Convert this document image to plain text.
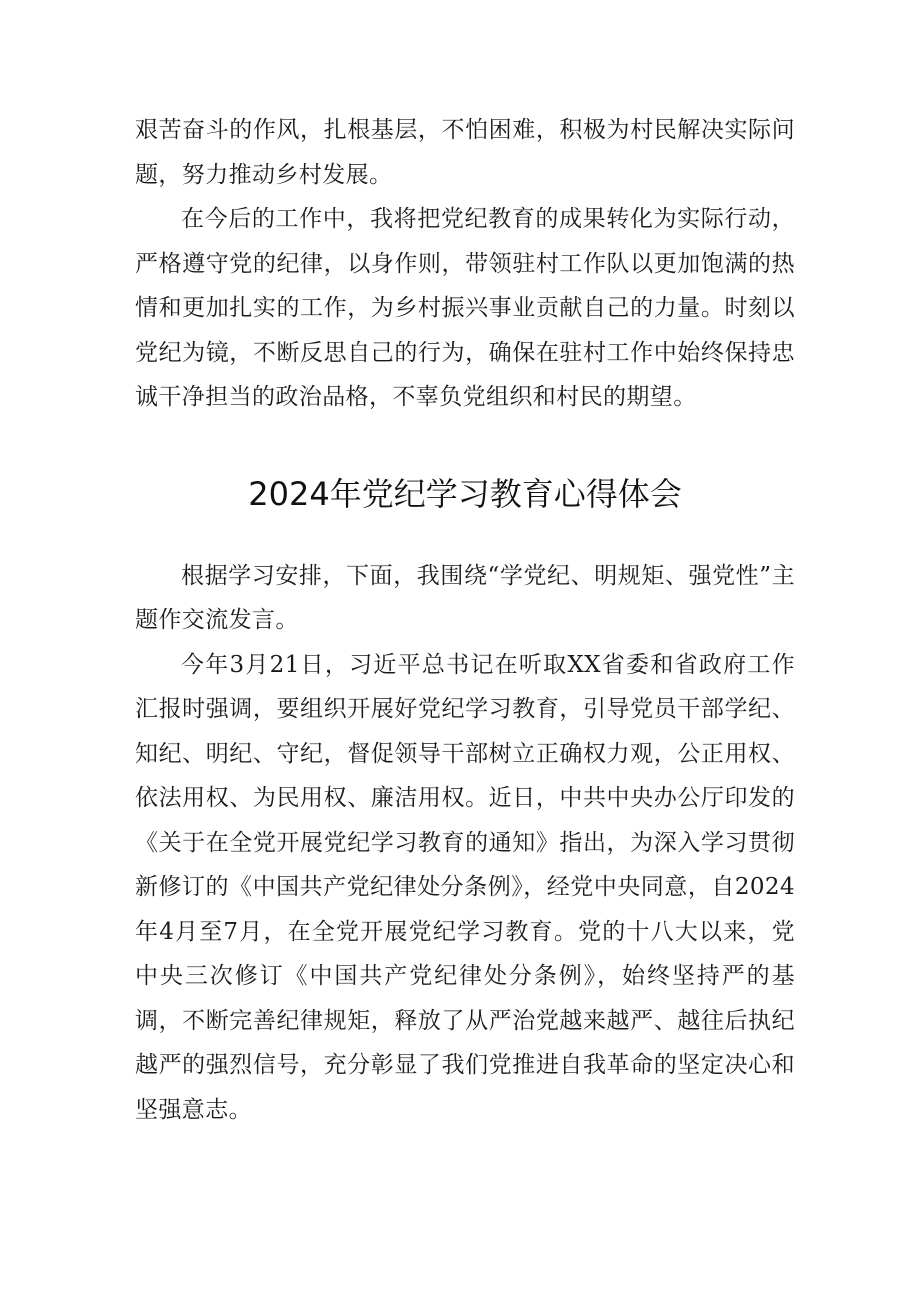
艰苦奋斗的作风，扎根基层，不怕困难，积极为村民解决实际问题，努力推动乡村发展。

在今后的工作中，我将把党纪教育的成果转化为实际行动，严格遵守党的纪律，以身作则，带领驻村工作队以更加饱满的热情和更加扎实的工作，为乡村振兴事业贡献自己的力量。时刻以党纪为镜，不断反思自己的行为，确保在驻村工作中始终保持忠诚干净担当的政治品格，不辜负党组织和村民的期望。

2024年党纪学习教育心得体会

根据学习安排，下面，我围绕“学党纪、明规矩、强党性”主题作交流发言。

今年3月21日，习近平总书记在听取XX省委和省政府工作汇报时强调，要组织开展好党纪学习教育，引导党员干部学纪、知纪、明纪、守纪，督促领导干部树立正确权力观，公正用权、依法用权、为民用权、廉洁用权。近日，中共中央办公厅印发的《关于在全党开展党纪学习教育的通知》指出，为深入学习贯彻新修订的《中国共产党纪律处分条例》，经党中央同意，自2024年4月至7月，在全党开展党纪学习教育。党的十八大以来，党中央三次修订《中国共产党纪律处分条例》，始终坚持严的基调，不断完善纪律规矩，释放了从严治党越来越严、越往后执纪越严的强烈信号，充分彰显了我们党推进自我革命的坚定决心和坚强意志。
